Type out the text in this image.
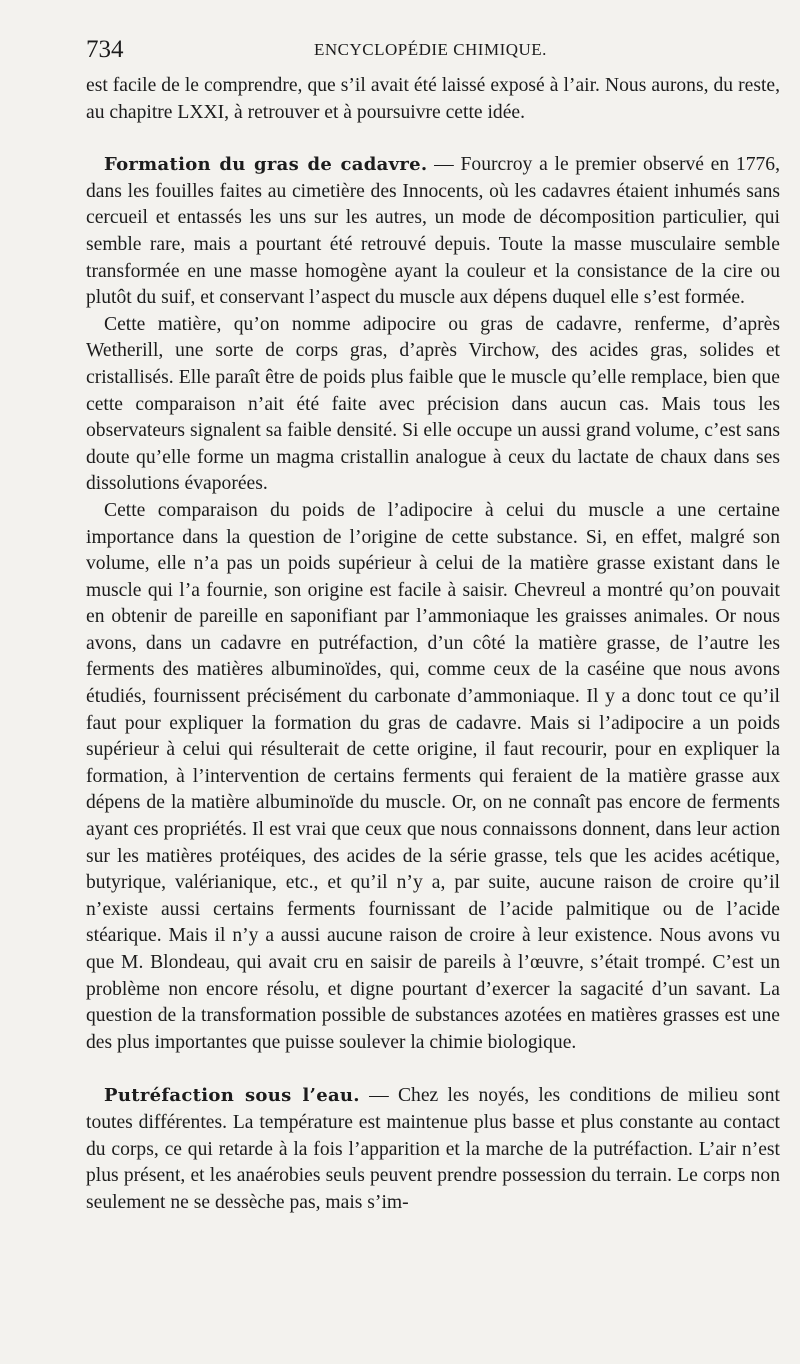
734	ENCYCLOPÉDIE CHIMIQUE.

est facile de le comprendre, que s’il avait été laissé exposé à l’air. Nous aurons, du reste, au chapitre LXXI, à retrouver et à poursuivre cette idée.

Formation du gras de cadavre. — Fourcroy a le premier observé en 1776, dans les fouilles faites au cimetière des Innocents, où les cadavres étaient inhumés sans cercueil et entassés les uns sur les autres, un mode de décomposition particulier, qui semble rare, mais a pourtant été retrouvé depuis. Toute la masse musculaire semble transformée en une masse homogène ayant la couleur et la consistance de la cire ou plutôt du suif, et conservant l’aspect du muscle aux dépens duquel elle s’est formée.

Cette matière, qu’on nomme adipocire ou gras de cadavre, renferme, d’après Wetherill, une sorte de corps gras, d’après Virchow, des acides gras, solides et cristallisés. Elle paraît être de poids plus faible que le muscle qu’elle remplace, bien que cette comparaison n’ait été faite avec précision dans aucun cas. Mais tous les observateurs signalent sa faible densité. Si elle occupe un aussi grand volume, c’est sans doute qu’elle forme un magma cristallin analogue à ceux du lactate de chaux dans ses dissolutions évaporées.

Cette comparaison du poids de l’adipocire à celui du muscle a une certaine importance dans la question de l’origine de cette substance. Si, en effet, malgré son volume, elle n’a pas un poids supérieur à celui de la matière grasse existant dans le muscle qui l’a fournie, son origine est facile à saisir. Chevreul a montré qu’on pouvait en obtenir de pareille en saponifiant par l’ammoniaque les graisses animales. Or nous avons, dans un cadavre en putréfaction, d’un côté la matière grasse, de l’autre les ferments des matières albuminoïdes, qui, comme ceux de la caséine que nous avons étudiés, fournissent précisément du carbonate d’ammoniaque. Il y a donc tout ce qu’il faut pour expliquer la formation du gras de cadavre. Mais si l’adipocire a un poids supérieur à celui qui résulterait de cette origine, il faut recourir, pour en expliquer la formation, à l’intervention de certains ferments qui feraient de la matière grasse aux dépens de la matière albuminoïde du muscle. Or, on ne connaît pas encore de ferments ayant ces propriétés. Il est vrai que ceux que nous connaissons donnent, dans leur action sur les matières protéiques, des acides de la série grasse, tels que les acides acétique, butyrique, valérianique, etc., et qu’il n’y a, par suite, aucune raison de croire qu’il n’existe aussi certains ferments fournissant de l’acide palmitique ou de l’acide stéarique. Mais il n’y a aussi aucune raison de croire à leur existence. Nous avons vu que M. Blondeau, qui avait cru en saisir de pareils à l’œuvre, s’était trompé. C’est un problème non encore résolu, et digne pourtant d’exercer la sagacité d’un savant. La question de la transformation possible de substances azotées en matières grasses est une des plus importantes que puisse soulever la chimie biologique.

Putréfaction sous l’eau. — Chez les noyés, les conditions de milieu sont toutes différentes. La température est maintenue plus basse et plus constante au contact du corps, ce qui retarde à la fois l’apparition et la marche de la putréfaction. L’air n’est plus présent, et les anaérobies seuls peuvent prendre possession du terrain. Le corps non seulement ne se dessèche pas, mais s’im-
